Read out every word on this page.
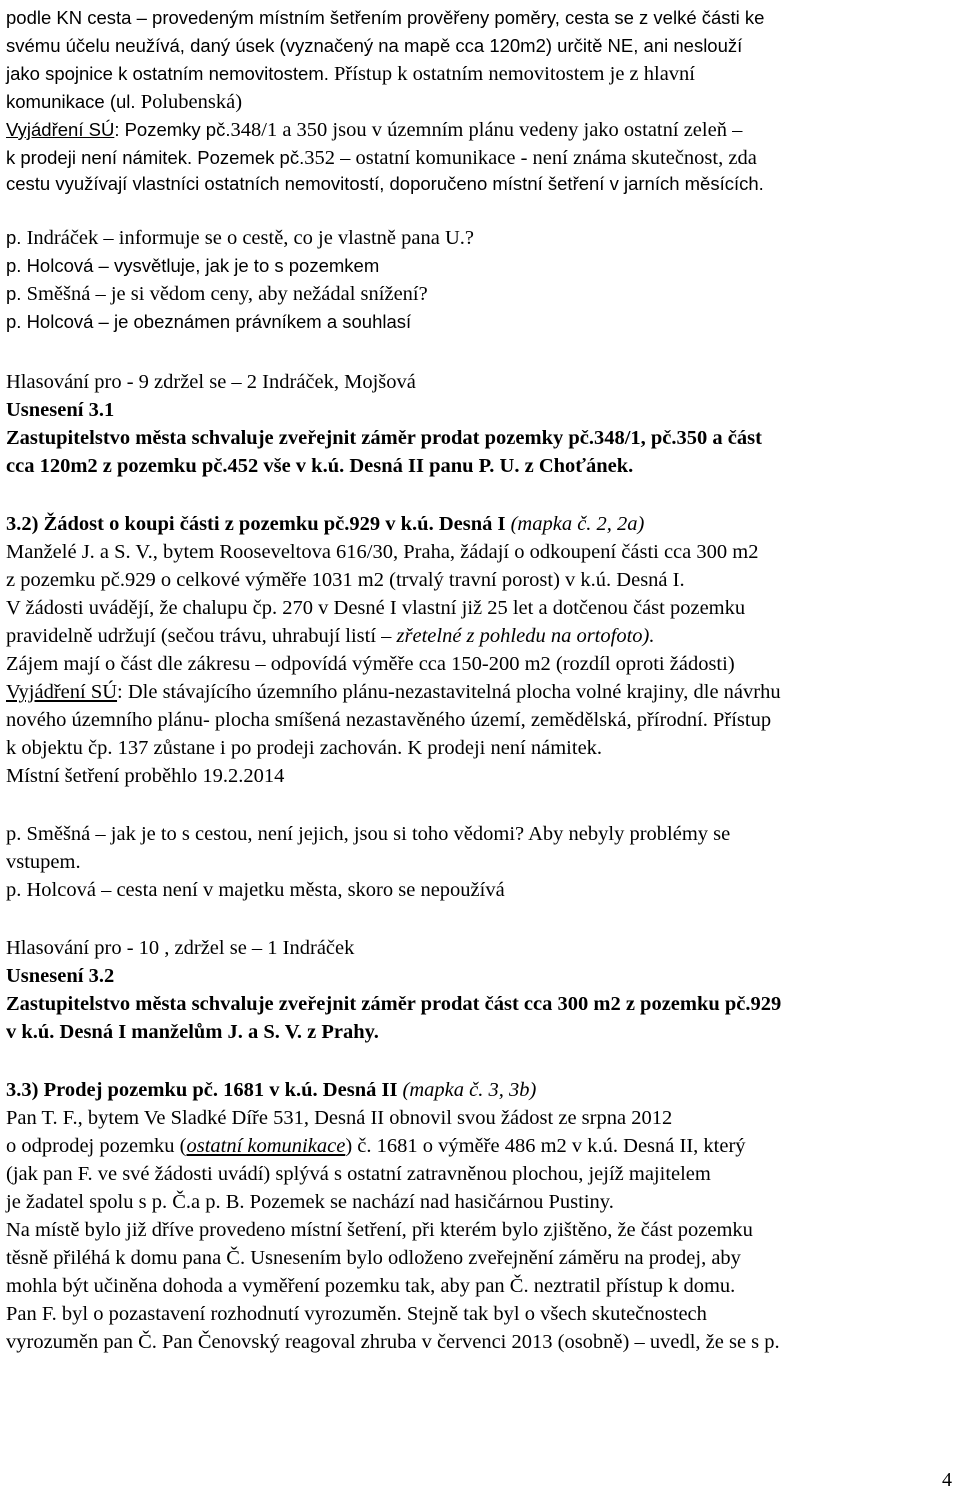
podle KN cesta – provedeným místním šetřením prověřeny poměry, cesta se z velké části ke
svému účelu neužívá, daný úsek (vyznačený na mapě cca 120m2) určitě NE, ani neslouží
jako spojnice k ostatním nemovitostem. Přístup k ostatním nemovitostem je z hlavní
komunikace (ul. Polubenská)
Vyjádření SÚ: Pozemky pč.348/1 a 350 jsou v územním plánu vedeny jako ostatní zeleň –
k prodeji není námitek. Pozemek pč.352 – ostatní komunikace - není známa skutečnost, zda
cestu využívají vlastníci ostatních nemovitostí, doporučeno místní šetření v jarních měsících.
p. Indráček – informuje se o cestě, co je vlastně pana U.?
p. Holcová – vysvětluje, jak je to s pozemkem
p. Směšná – je si vědom ceny, aby nežádal snížení?
p. Holcová – je obeznámen právníkem a souhlasí
Hlasování pro - 9 zdržel se – 2 Indráček, Mojšová
Usnesení 3.1
Zastupitelstvo města schvaluje zveřejnit záměr prodat pozemky pč.348/1, pč.350 a část
cca 120m2 z pozemku pč.452 vše v k.ú. Desná II panu P. U. z Choťánek.
3.2) Žádost o koupi části z pozemku pč.929 v k.ú. Desná I (mapka č. 2, 2a)
Manželé J. a S. V., bytem Rooseveltova 616/30, Praha, žádají o odkoupení části cca 300 m2
z pozemku pč.929 o celkové výměře 1031 m2 (trvalý travní porost) v k.ú. Desná I.
V žádosti uvádějí, že chalupu čp. 270 v Desné I vlastní již 25 let a dotčenou část pozemku
pravidelně udržují (sečou trávu, uhrabují listí – zřetelné z pohledu na ortofoto).
Zájem mají o část dle zákresu – odpovídá výměře cca 150-200 m2 (rozdíl oproti žádosti)
Vyjádření SÚ: Dle stávajícího územního plánu-nezastavitelná plocha volné krajiny, dle návrhu
nového územního plánu- plocha smíšená nezastavěného území, zemědělská, přírodní. Přístup
k objektu čp. 137 zůstane i po prodeji zachován. K prodeji není námitek.
Místní šetření proběhlo 19.2.2014
p. Směšná – jak je to s cestou, není jejich, jsou si toho vědomi? Aby nebyly problémy se
vstupem.
p. Holcová – cesta není v majetku města, skoro se nepoužívá
Hlasování pro - 10 , zdržel se – 1 Indráček
Usnesení 3.2
Zastupitelstvo města schvaluje zveřejnit záměr prodat část cca 300 m2 z pozemku pč.929
v k.ú. Desná I manželům J. a S. V. z Prahy.
3.3) Prodej pozemku pč. 1681 v k.ú. Desná II (mapka č. 3, 3b)
Pan T. F., bytem Ve Sladké Díře 531, Desná II obnovil svou žádost ze srpna 2012
o odprodej pozemku (ostatní komunikace) č. 1681 o výměře 486 m2 v k.ú. Desná II, který
(jak pan F. ve své žádosti uvádí) splývá s ostatní zatravněnou plochou, jejíž majitelem
je žadatel spolu s p. Č.a p. B. Pozemek se nachází nad hasičárnou Pustiny.
Na místě bylo již dříve provedeno místní šetření, při kterém bylo zjištěno, že část pozemku
těsně přiléhá k domu pana Č. Usnesením bylo odloženo zveřejnění záměru na prodej, aby
mohla být učiněna dohoda a vyměření pozemku tak, aby pan Č. neztratil přístup k domu.
Pan F. byl o pozastavení rozhodnutí vyrozuměn. Stejně tak byl o všech skutečnostech
vyrozuměn pan Č. Pan Čenovský reagoval zhruba v červenci 2013 (osobně) – uvedl, že se s p.
4
